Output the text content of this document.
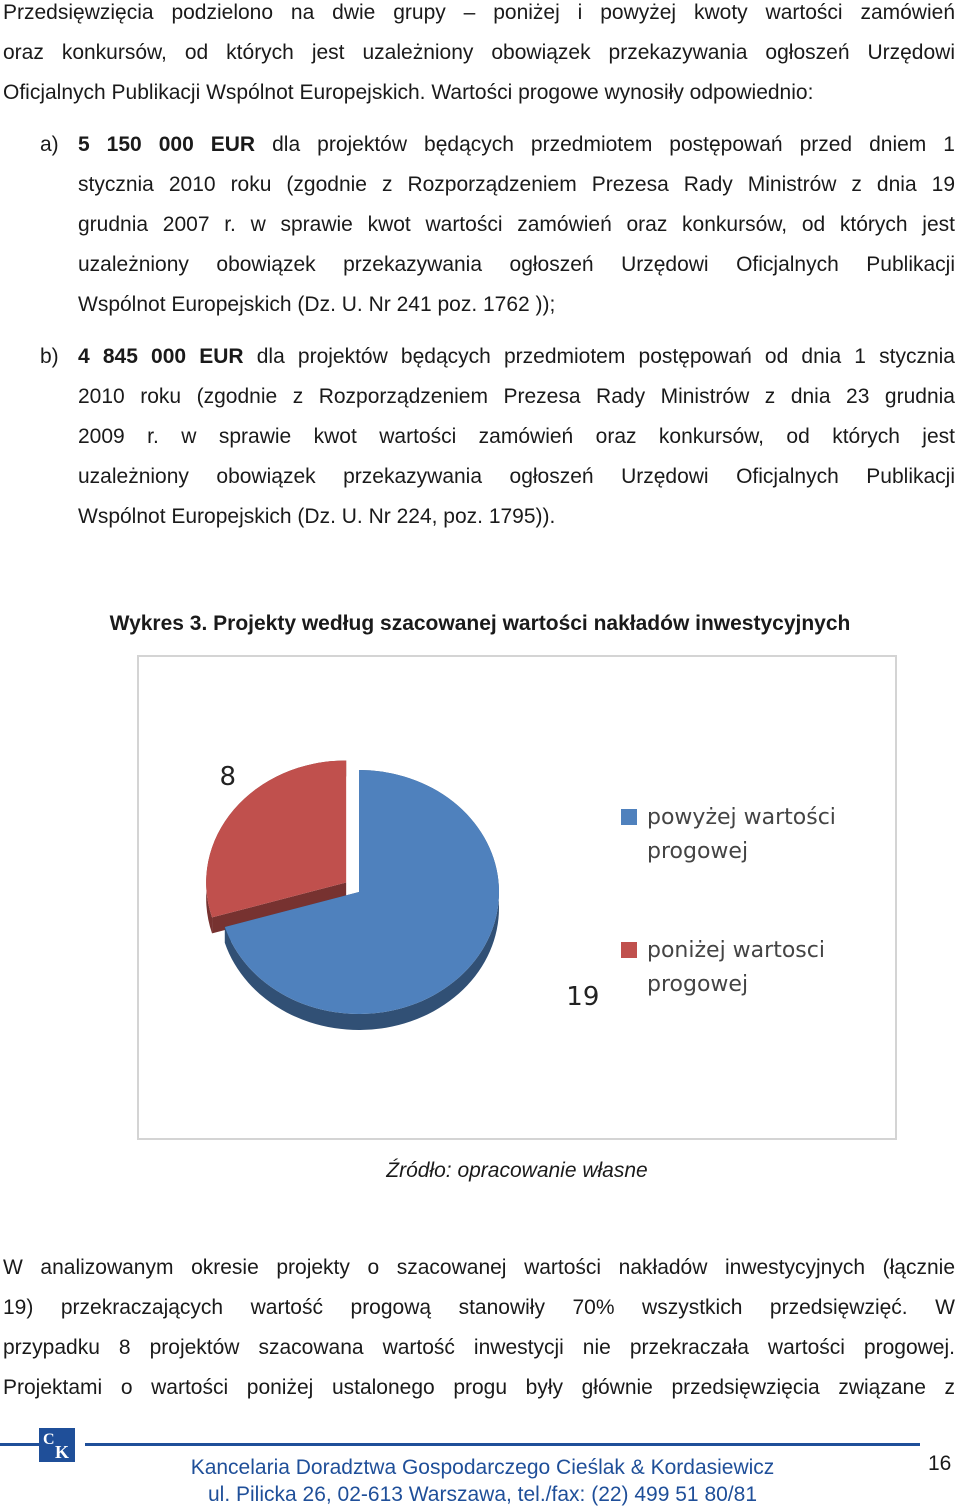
Przedsięwzięcia podzielono na dwie grupy – poniżej i powyżej kwoty wartości zamówień
oraz konkursów, od których jest uzależniony obowiązek przekazywania ogłoszeń Urzędowi
Oficjalnych Publikacji Wspólnot Europejskich. Wartości progowe wynosiły odpowiednio:
a) 5 150 000 EUR dla projektów będących przedmiotem postępowań przed dniem 1
stycznia 2010 roku (zgodnie z Rozporządzeniem Prezesa Rady Ministrów z dnia 19
grudnia 2007 r. w sprawie kwot wartości zamówień oraz konkursów, od których jest
uzależniony obowiązek przekazywania ogłoszeń Urzędowi Oficjalnych Publikacji
Wspólnot Europejskich (Dz. U. Nr 241 poz. 1762 ));
b) 4 845 000 EUR dla projektów będących przedmiotem postępowań od dnia 1 stycznia
2010 roku (zgodnie z Rozporządzeniem Prezesa Rady Ministrów z dnia 23 grudnia
2009 r. w sprawie kwot wartości zamówień oraz konkursów, od których jest
uzależniony obowiązek przekazywania ogłoszeń Urzędowi Oficjalnych Publikacji
Wspólnot Europejskich (Dz. U. Nr 224, poz. 1795)).
Wykres 3. Projekty według szacowanej wartości nakładów inwestycyjnych
8
19
powyżej wartości progowej
poniżej wartosci progowej
Źródło: opracowanie własne
W analizowanym okresie projekty o szacowanej wartości nakładów inwestycyjnych (łącznie
19) przekraczających wartość progową stanowiły 70% wszystkich przedsięwzięć. W
przypadku 8 projektów szacowana wartość inwestycji nie przekraczała wartości progowej.
Projektami o wartości poniżej ustalonego progu były głównie przedsięwzięcia związane z
C
K
Kancelaria Doradztwa Gospodarczego Cieślak & Kordasiewicz
ul. Pilicka 26, 02-613 Warszawa, tel./fax: (22) 499 51 80/81
16
